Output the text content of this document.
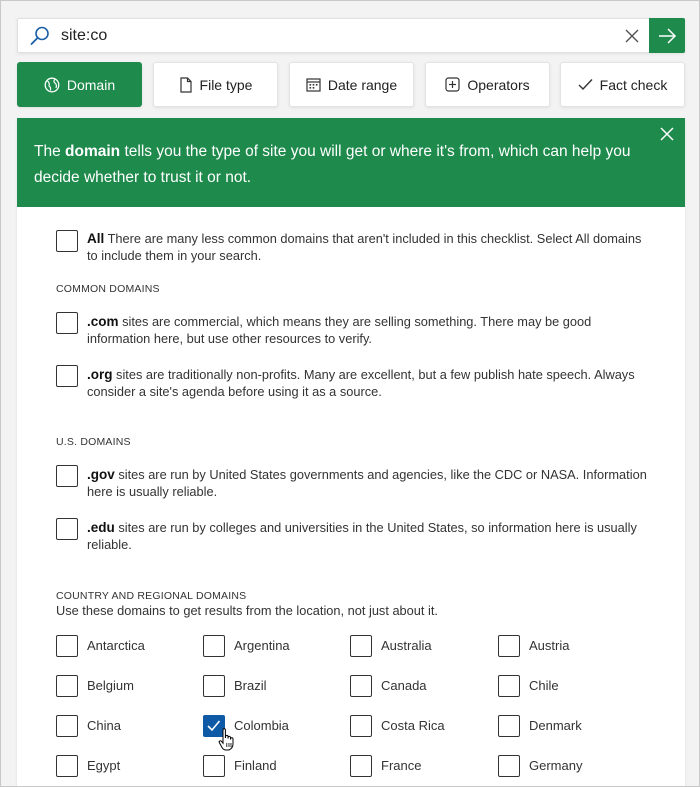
site:co
Domain	File type	Date range	Operators	Fact check
The domain tells you the type of site you will get or where it's from, which can help you decide whether to trust it or not.
All There are many less common domains that aren't included in this checklist. Select All domains to include them in your search.
COMMON DOMAINS
.com sites are commercial, which means they are selling something. There may be good information here, but use other resources to verify.
.org sites are traditionally non-profits. Many are excellent, but a few publish hate speech. Always consider a site's agenda before using it as a source.
U.S. DOMAINS
.gov sites are run by United States governments and agencies, like the CDC or NASA. Information here is usually reliable.
.edu sites are run by colleges and universities in the United States, so information here is usually reliable.
COUNTRY AND REGIONAL DOMAINS
Use these domains to get results from the location, not just about it.
Antarctica	Argentina	Australia	Austria
Belgium	Brazil	Canada	Chile
China	Colombia	Costa Rica	Denmark
Egypt	Finland	France	Germany
